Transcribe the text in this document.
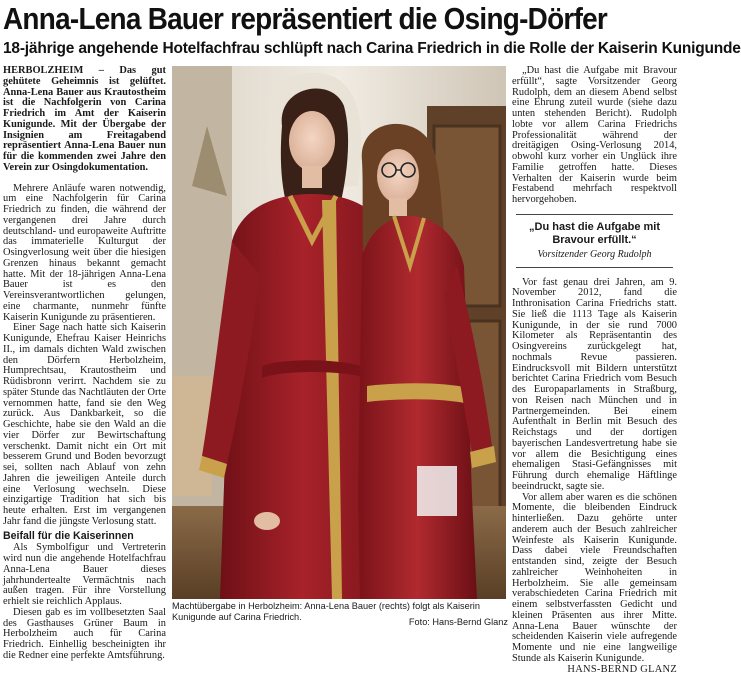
Anna-Lena Bauer repräsentiert die Osing-Dörfer
18-jährige angehende Hotelfachfrau schlüpft nach Carina Friedrich in die Rolle der Kaiserin Kunigunde

HERBOLZHEIM – Das gut gehütete Geheimnis ist gelüftet. Anna-Lena Bauer aus Krautostheim ist die Nachfolgerin von Carina Friedrich im Amt der Kaiserin Kunigunde. Mit der Übergabe der Insignien am Freitagabend repräsentiert Anna-Lena Bauer nun für die kommenden zwei Jahre den Verein zur Osingdokumentation.

Mehrere Anläufe waren notwendig, um eine Nachfolgerin für Carina Friedrich zu finden, die während der vergangenen drei Jahre durch deutschland- und europaweite Auftritte das immaterielle Kulturgut der Osingverlosung weit über die hiesigen Grenzen hinaus bekannt gemacht hatte. Mit der 18-jährigen Anna-Lena Bauer ist es den Vereinsverantwortlichen gelungen, eine charmante, nunmehr fünfte Kaiserin Kunigunde zu präsentieren.

Einer Sage nach hatte sich Kaiserin Kunigunde, Ehefrau Kaiser Heinrichs II., im damals dichten Wald zwischen den Dörfern Herbolzheim, Humprechtsau, Krautostheim und Rüdisbronn verirrt. Nachdem sie zu später Stunde das Nachtläuten der Orte vernommen hatte, fand sie den Weg zurück. Aus Dankbarkeit, so die Geschichte, habe sie den Wald an die vier Dörfer zur Bewirtschaftung verschenkt. Damit nicht ein Ort mit besserem Grund und Boden bevorzugt sei, sollten nach Ablauf von zehn Jahren die jeweiligen Anteile durch eine Verlosung wechseln. Diese einzigartige Tradition hat sich bis heute erhalten. Erst im vergangenen Jahr fand die jüngste Verlosung statt.

Beifall für die Kaiserinnen

Als Symbolfigur und Vertreterin wird nun die angehende Hotelfachfrau Anna-Lena Bauer dieses jahrhundertealte Vermächtnis nach außen tragen. Für ihre Vorstellung erhielt sie reichlich Applaus.

Diesen gab es im vollbesetzten Saal des Gasthauses Grüner Baum in Herbolzheim auch für Carina Friedrich. Einhellig bescheinigten ihr die Redner eine perfekte Amtsführung.

Machtübergabe in Herbolzheim: Anna-Lena Bauer (rechts) folgt als Kaiserin Kunigunde auf Carina Friedrich.	Foto: Hans-Bernd Glanz

„Du hast die Aufgabe mit Bravour erfüllt“, sagte Vorsitzender Georg Rudolph, dem an diesem Abend selbst eine Ehrung zuteil wurde (siehe dazu unten stehenden Bericht). Rudolph lobte vor allem Carina Friedrichs Professionalität während der dreitägigen Osing-Verlosung 2014, obwohl kurz vorher ein Unglück ihre Familie getroffen hatte. Dieses Verhalten der Kaiserin wurde beim Festabend mehrfach respektvoll hervorgehoben.

„Du hast die Aufgabe mit Bravour erfüllt.“

Vorsitzender Georg Rudolph

Vor fast genau drei Jahren, am 9. November 2012, fand die Inthronisation Carina Friedrichs statt. Sie ließ die 1113 Tage als Kaiserin Kunigunde, in der sie rund 7000 Kilometer als Repräsentantin des Osingvereins zurückgelegt hat, nochmals Revue passieren. Eindrucksvoll mit Bildern unterstützt berichtet Carina Friedrich vom Besuch des Europaparlaments in Straßburg, von Reisen nach München und in Partnergemeinden. Bei einem Aufenthalt in Berlin mit Besuch des Reichstags und der dortigen bayerischen Landesvertretung habe sie vor allem die Besichtigung eines ehemaligen Stasi-Gefängnisses mit Führung durch ehemalige Häftlinge beeindruckt, sagte sie.

Vor allem aber waren es die schönen Momente, die bleibenden Eindruck hinterließen. Dazu gehörte unter anderem auch der Besuch zahlreicher Weinfeste als Kaiserin Kunigunde. Dass dabei viele Freundschaften entstanden sind, zeigte der Besuch zahlreicher Weinhoheiten in Herbolzheim. Sie alle gemeinsam verabschiedeten Carina Friedrich mit einem selbstverfassten Gedicht und kleinen Präsenten aus ihrer Mitte. Anna-Lena Bauer wünschte der scheidenden Kaiserin viele aufregende Momente und nie eine langweilige Stunde als Kaiserin Kunigunde.

HANS-BERND GLANZ
